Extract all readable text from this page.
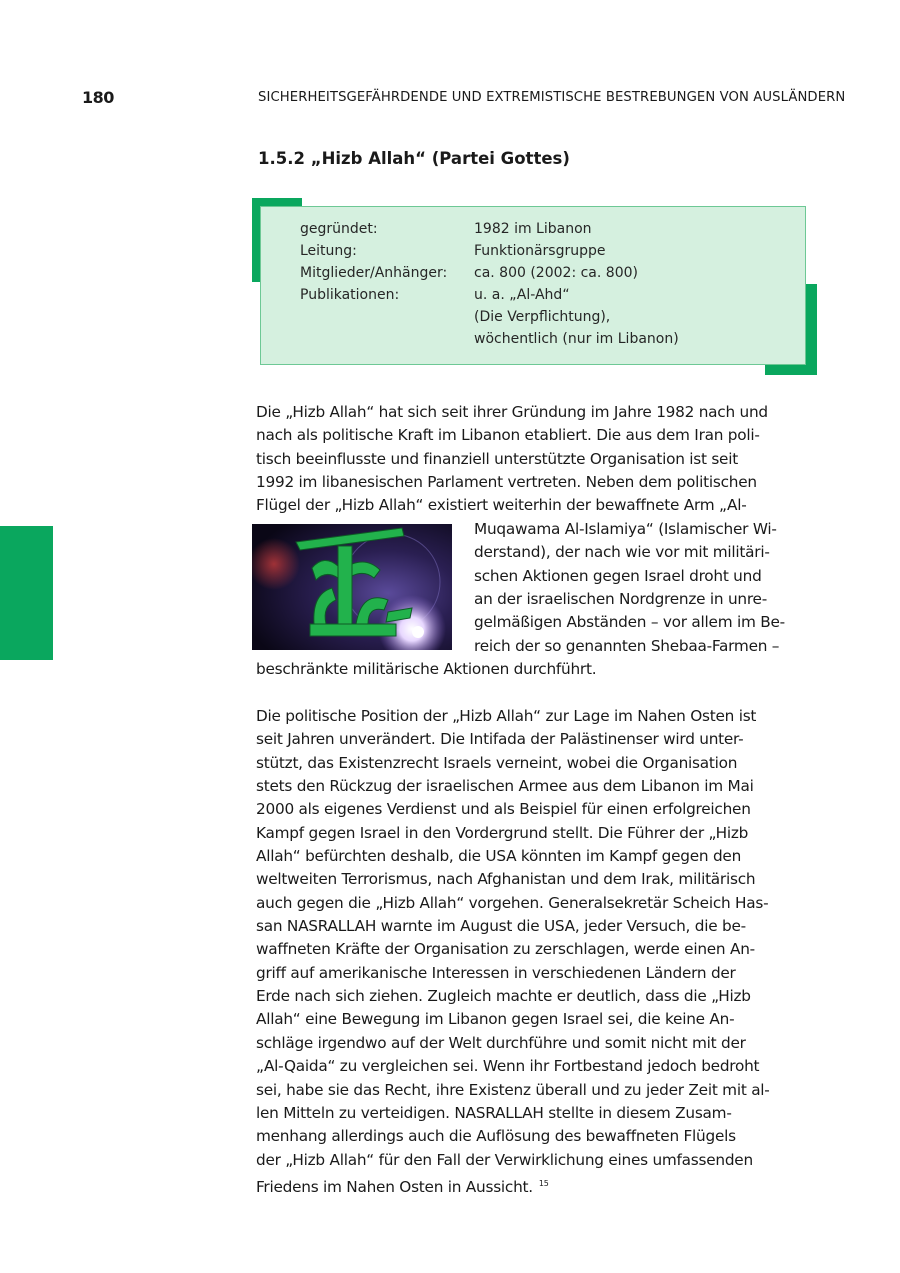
180	SICHERHEITSGEFÄHRDENDE UND EXTREMISTISCHE BESTREBUNGEN VON AUSLÄNDERN
1.5.2 „Hizb Allah“ (Partei Gottes)
gegründet:	1982 im Libanon
Leitung:	Funktionärsgruppe
Mitglieder/Anhänger: ca. 800 (2002: ca. 800)
Publikationen:	u. a. „Al-Ahd“
(Die Verpflichtung),
wöchentlich (nur im Libanon)
Die „Hizb Allah“ hat sich seit ihrer Gründung im Jahre 1982 nach und
nach als politische Kraft im Libanon etabliert. Die aus dem Iran poli-
tisch beeinflusste und finanziell unterstützte Organisation ist seit
1992 im libanesischen Parlament vertreten. Neben dem politischen
Flügel der „Hizb Allah“ existiert weiterhin der bewaffnete Arm „Al-
Muqawama Al-Islamiya“ (Islamischer Wi-
derstand), der nach wie vor mit militäri-
schen Aktionen gegen Israel droht und
an der israelischen Nordgrenze in unre-
gelmäßigen Abständen – vor allem im Be-
reich der so genannten Shebaa-Farmen –
beschränkte militärische Aktionen durchführt.
Die politische Position der „Hizb Allah“ zur Lage im Nahen Osten ist
seit Jahren unverändert. Die Intifada der Palästinenser wird unter-
stützt, das Existenzrecht Israels verneint, wobei die Organisation
stets den Rückzug der israelischen Armee aus dem Libanon im Mai
2000 als eigenes Verdienst und als Beispiel für einen erfolgreichen
Kampf gegen Israel in den Vordergrund stellt. Die Führer der „Hizb
Allah“ befürchten deshalb, die USA könnten im Kampf gegen den
weltweiten Terrorismus, nach Afghanistan und dem Irak, militärisch
auch gegen die „Hizb Allah“ vorgehen. Generalsekretär Scheich Has-
san NASRALLAH warnte im August die USA, jeder Versuch, die be-
waffneten Kräfte der Organisation zu zerschlagen, werde einen An-
griff auf amerikanische Interessen in verschiedenen Ländern der
Erde nach sich ziehen. Zugleich machte er deutlich, dass die „Hizb
Allah“ eine Bewegung im Libanon gegen Israel sei, die keine An-
schläge irgendwo auf der Welt durchführe und somit nicht mit der
„Al-Qaida“ zu vergleichen sei. Wenn ihr Fortbestand jedoch bedroht
sei, habe sie das Recht, ihre Existenz überall und zu jeder Zeit mit al-
len Mitteln zu verteidigen. NASRALLAH stellte in diesem Zusam-
menhang allerdings auch die Auflösung des bewaffneten Flügels
der „Hizb Allah“ für den Fall der Verwirklichung eines umfassenden
Friedens im Nahen Osten in Aussicht. $^{15}$
